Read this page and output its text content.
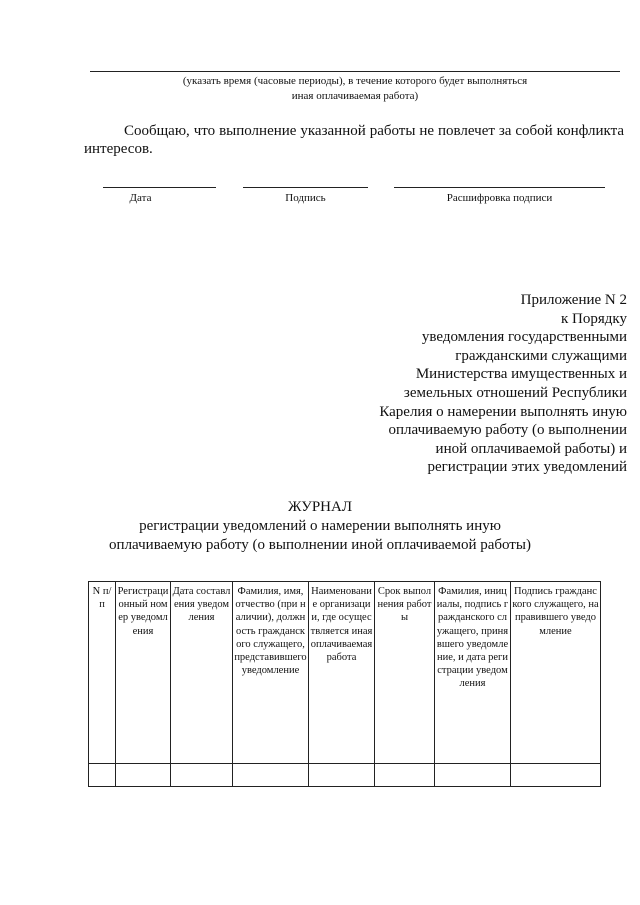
(указать время (часовые периоды), в течение которого будет выполняться
иная оплачиваемая работа)
Сообщаю, что выполнение указанной работы не повлечет за собой конфликта интересов.
Дата	Подпись	Расшифровка подписи
Приложение N 2
к Порядку
уведомления государственными
гражданскими служащими
Министерства имущественных и
земельных отношений Республики
Карелия о намерении выполнять иную
оплачиваемую работу (о выполнении
иной оплачиваемой работы) и
регистрации этих уведомлений
ЖУРНАЛ
регистрации уведомлений о намерении выполнять иную
оплачиваемую работу (о выполнении иной оплачиваемой работы)
N п/п	Регистрационный номер уведомления	Дата составления уведомления	Фамилия, имя, отчество (при наличии), должность гражданского служащего, представившего уведомление	Наименование организации, где осуществляется иная оплачиваемая работа	Срок выполнения работы	Фамилия, инициалы, подпись гражданского служащего, принявшего уведомление, и дата регистрации уведомления	Подпись гражданского служащего, направившего уведомление
